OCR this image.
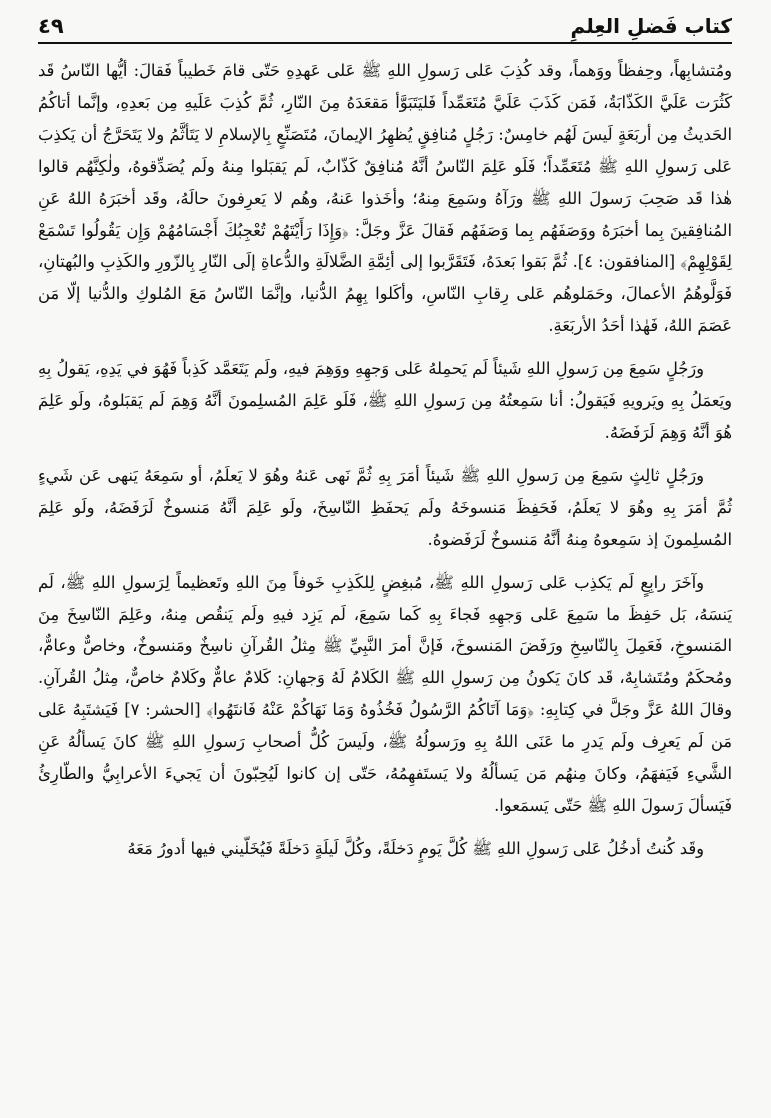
٤٩	كتاب فَضلِ العِلمِ

ومُتشابِهاً، وحِفظاً ووَهماً، وقد كُذِبَ عَلى رَسولِ اللهِ ﷺ عَلى عَهدِهِ حَتّى قامَ خَطيباً فَقالَ: أيُّها النّاسُ قَد كَثُرَت عَلَيَّ الكَذّابَةُ، فَمَن كَذَبَ عَلَيَّ مُتَعَمِّداً فَليَتَبَوَّأ مَقعَدَهُ مِنَ النّارِ، ثُمَّ كُذِبَ عَلَيهِ مِن بَعدِهِ، وإنَّما أتاكُمُ الحَديثُ مِن أربَعَةٍ لَيسَ لَهُم خامِسٌ: رَجُلٍ مُنافِقٍ يُظهِرُ الإيمانَ، مُتَصَنِّعٍ بِالإسلامِ لا يَتَأثَّمُ ولا يَتَحَرَّجُ أن يَكذِبَ عَلى رَسولِ اللهِ ﷺ مُتَعَمِّداً؛ فَلَو عَلِمَ النّاسُ أنَّهُ مُنافِقٌ كَذّابٌ، لَم يَقبَلوا مِنهُ ولَم يُصَدِّقوهُ، ولٰكِنَّهُم قالوا هٰذا قَد صَحِبَ رَسولَ اللهِ ﷺ ورَآهُ وسَمِعَ مِنهُ؛ وأخَذوا عَنهُ، وهُم لا يَعرِفونَ حالَهُ، وقَد أخبَرَهُ اللهُ عَنِ المُنافِقينَ بِما أخبَرَهُ ووَصَفَهُم بِما وَصَفَهُم فَقالَ عَزَّ وجَلَّ: ﴿وَإِذَا رَأَيْتَهُمْ تُعْجِبُكَ أَجْسَامُهُمْ وَإِن يَقُولُوا تَسْمَعْ لِقَوْلِهِمْ﴾ [المنافقون: ٤]. ثُمَّ بَقوا بَعدَهُ، فَتَقَرَّبوا إلى أئِمَّةِ الضَّلالَةِ والدُّعاةِ إلَى النّارِ بِالزّورِ والكَذِبِ والبُهتانِ، فَوَلَّوهُمُ الأعمالَ، وحَمَلوهُم عَلى رِقابِ النّاسِ، وأكَلوا بِهِمُ الدُّنيا، وإنَّمَا النّاسُ مَعَ المُلوكِ والدُّنيا إلّا مَن عَصَمَ اللهُ، فَهٰذا أحَدُ الأربَعَةِ.

ورَجُلٍ سَمِعَ مِن رَسولِ اللهِ شَيئاً لَم يَحمِلهُ عَلى وَجهِهِ ووَهِمَ فيهِ، ولَم يَتَعَمَّد كَذِباً فَهُوَ في يَدِهِ، يَقولُ بِهِ ويَعمَلُ بِهِ ويَرويهِ فَيَقولُ: أنا سَمِعتُهُ مِن رَسولِ اللهِ ﷺ، فَلَو عَلِمَ المُسلِمونَ أنَّهُ وَهِمَ لَم يَقبَلوهُ، ولَو عَلِمَ هُوَ أنَّهُ وَهِمَ لَرَفَضَهُ.

ورَجُلٍ ثالِثٍ سَمِعَ مِن رَسولِ اللهِ ﷺ شَيئاً أمَرَ بِهِ ثُمَّ نَهى عَنهُ وهُوَ لا يَعلَمُ، أو سَمِعَهُ يَنهى عَن شَيءٍ ثُمَّ أمَرَ بِهِ وهُوَ لا يَعلَمُ، فَحَفِظَ مَنسوخَهُ ولَم يَحفَظِ النّاسِخَ، ولَو عَلِمَ أنَّهُ مَنسوخٌ لَرَفَضَهُ، ولَو عَلِمَ المُسلِمونَ إذ سَمِعوهُ مِنهُ أنَّهُ مَنسوخٌ لَرَفَضوهُ.

وآخَرَ رابِعٍ لَم يَكذِب عَلى رَسولِ اللهِ ﷺ، مُبغِضٍ لِلكَذِبِ خَوفاً مِنَ اللهِ وتَعظيماً لِرَسولِ اللهِ ﷺ، لَم يَنسَهُ، بَل حَفِظَ ما سَمِعَ عَلى وَجهِهِ فَجاءَ بِهِ كَما سَمِعَ، لَم يَزِد فيهِ ولَم يَنقُص مِنهُ، وعَلِمَ النّاسِخَ مِنَ المَنسوخِ، فَعَمِلَ بِالنّاسِخِ ورَفَضَ المَنسوخَ، فَإنَّ أمرَ النَّبِيِّ ﷺ مِثلُ القُرآنِ ناسِخٌ ومَنسوخٌ، وخاصٌّ وعامٌّ، ومُحكَمٌ ومُتَشابِهٌ، قَد كانَ يَكونُ مِن رَسولِ اللهِ ﷺ الكَلامُ لَهُ وَجهانِ: كَلامٌ عامٌّ وكَلامٌ خاصٌّ، مِثلُ القُرآنِ. وقالَ اللهُ عَزَّ وجَلَّ في كِتابِهِ: ﴿وَمَا آتَاكُمُ الرَّسُولُ فَخُذُوهُ وَمَا نَهَاكُمْ عَنْهُ فَانتَهُوا﴾ [الحشر: ٧] فَيَشتَبِهُ عَلى مَن لَم يَعرِف ولَم يَدرِ ما عَنَى اللهُ بِهِ ورَسولُهُ ﷺ، ولَيسَ كُلُّ أصحابِ رَسولِ اللهِ ﷺ كانَ يَسألُهُ عَنِ الشَّيءِ فَيَفهَمُ، وكانَ مِنهُم مَن يَسألُهُ ولا يَستَفهِمُهُ، حَتّى إن كانوا لَيُحِبّونَ أن يَجيءَ الأعرابِيُّ والطّارِئُ فَيَسألَ رَسولَ اللهِ ﷺ حَتّى يَسمَعوا.

وقَد كُنتُ أدخُلُ عَلى رَسولِ اللهِ ﷺ كُلَّ يَومٍ دَخلَةً، وكُلَّ لَيلَةٍ دَخلَةً فَيُخَلّيني فيها أدورُ مَعَهُ
